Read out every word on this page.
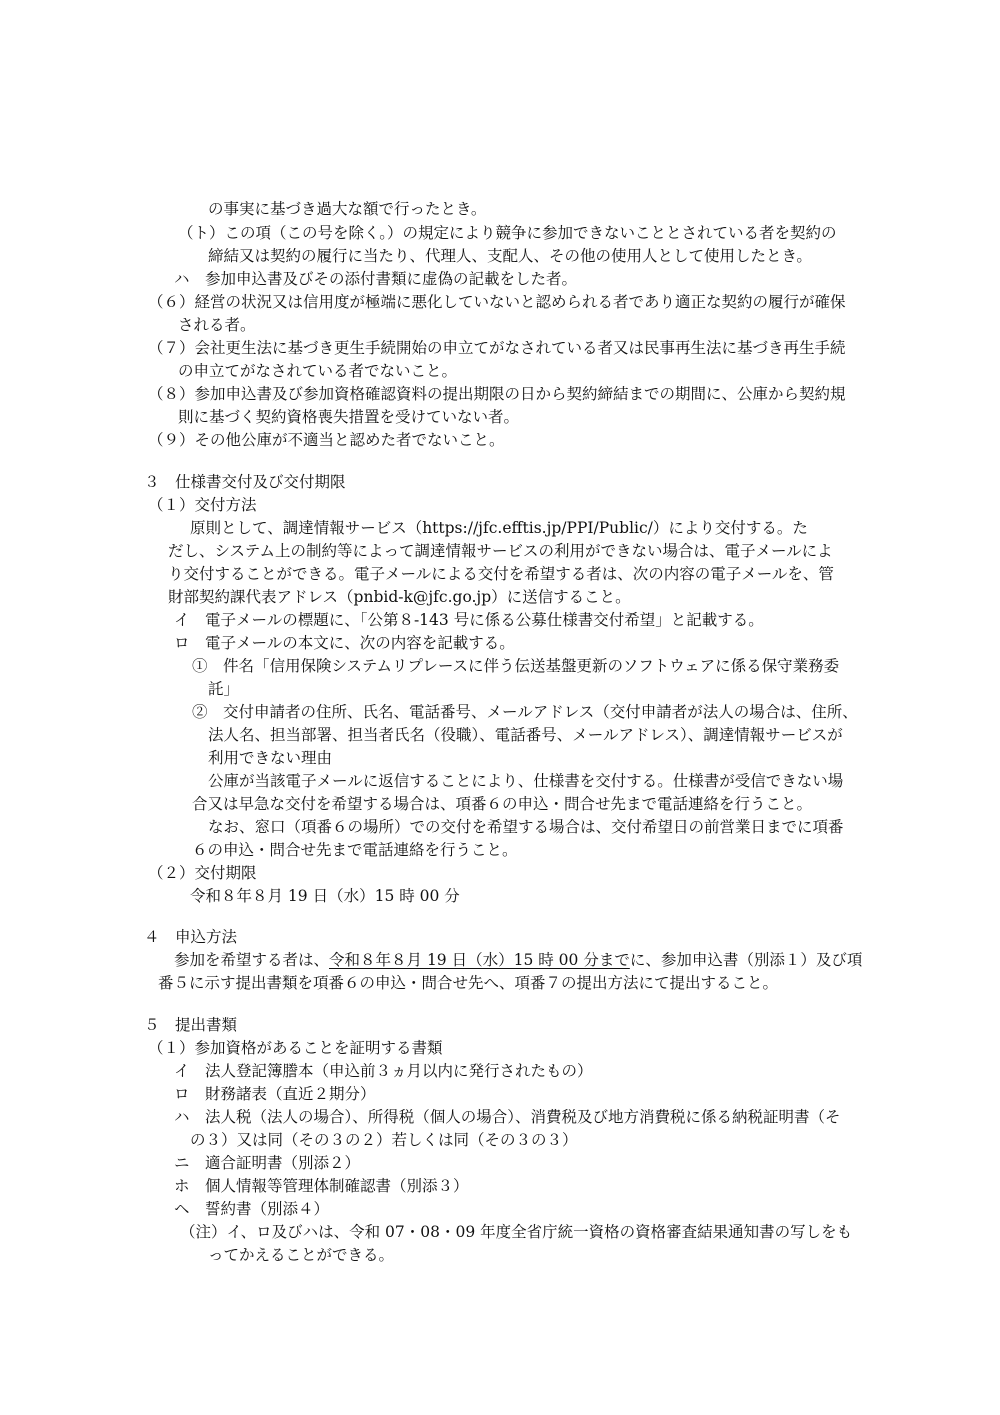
の事実に基づき過大な額で行ったとき。

（ト）この項（この号を除く。）の規定により競争に参加できないこととされている者を契約の

締結又は契約の履行に当たり、代理人、支配人、その他の使用人として使用したとき。

ハ　参加申込書及びその添付書類に虚偽の記載をした者。

（６）経営の状況又は信用度が極端に悪化していないと認められる者であり適正な契約の履行が確保

される者。

（７）会社更生法に基づき更生手続開始の申立てがなされている者又は民事再生法に基づき再生手続

の申立てがなされている者でないこと。

（８）参加申込書及び参加資格確認資料の提出期限の日から契約締結までの期間に、公庫から契約規

則に基づく契約資格喪失措置を受けていない者。

（９）その他公庫が不適当と認めた者でないこと。

３　仕様書交付及び交付期限

（１）交付方法

原則として、調達情報サービス（https://jfc.efftis.jp/PPI/Public/）により交付する。た

だし、システム上の制約等によって調達情報サービスの利用ができない場合は、電子メールによ

り交付することができる。電子メールによる交付を希望する者は、次の内容の電子メールを、管

財部契約課代表アドレス（pnbid-k@jfc.go.jp）に送信すること。

イ　電子メールの標題に、「公第８-143 号に係る公募仕様書交付希望」と記載する。

ロ　電子メールの本文に、次の内容を記載する。

①　件名「信用保険システムリプレースに伴う伝送基盤更新のソフトウェアに係る保守業務委

託」

②　交付申請者の住所、氏名、電話番号、メールアドレス（交付申請者が法人の場合は、住所、

法人名、担当部署、担当者氏名（役職）、電話番号、メールアドレス）、調達情報サービスが

利用できない理由

公庫が当該電子メールに返信することにより、仕様書を交付する。仕様書が受信できない場

合又は早急な交付を希望する場合は、項番６の申込・問合せ先まで電話連絡を行うこと。

なお、窓口（項番６の場所）での交付を希望する場合は、交付希望日の前営業日までに項番

６の申込・問合せ先まで電話連絡を行うこと。

（２）交付期限

令和８年８月 19 日（水）15 時 00 分

４　申込方法

参加を希望する者は、令和８年８月 19 日（水）15 時 00 分までに、参加申込書（別添１）及び項

番５に示す提出書類を項番６の申込・問合せ先へ、項番７の提出方法にて提出すること。

５　提出書類

（１）参加資格があることを証明する書類

イ　法人登記簿謄本（申込前３ヵ月以内に発行されたもの）

ロ　財務諸表（直近２期分）

ハ　法人税（法人の場合）、所得税（個人の場合）、消費税及び地方消費税に係る納税証明書（そ

の３）又は同（その３の２）若しくは同（その３の３）

ニ　適合証明書（別添２）

ホ　個人情報等管理体制確認書（別添３）

ヘ　誓約書（別添４）

（注）イ、ロ及びハは、令和 07・08・09 年度全省庁統一資格の資格審査結果通知書の写しをも

ってかえることができる。
